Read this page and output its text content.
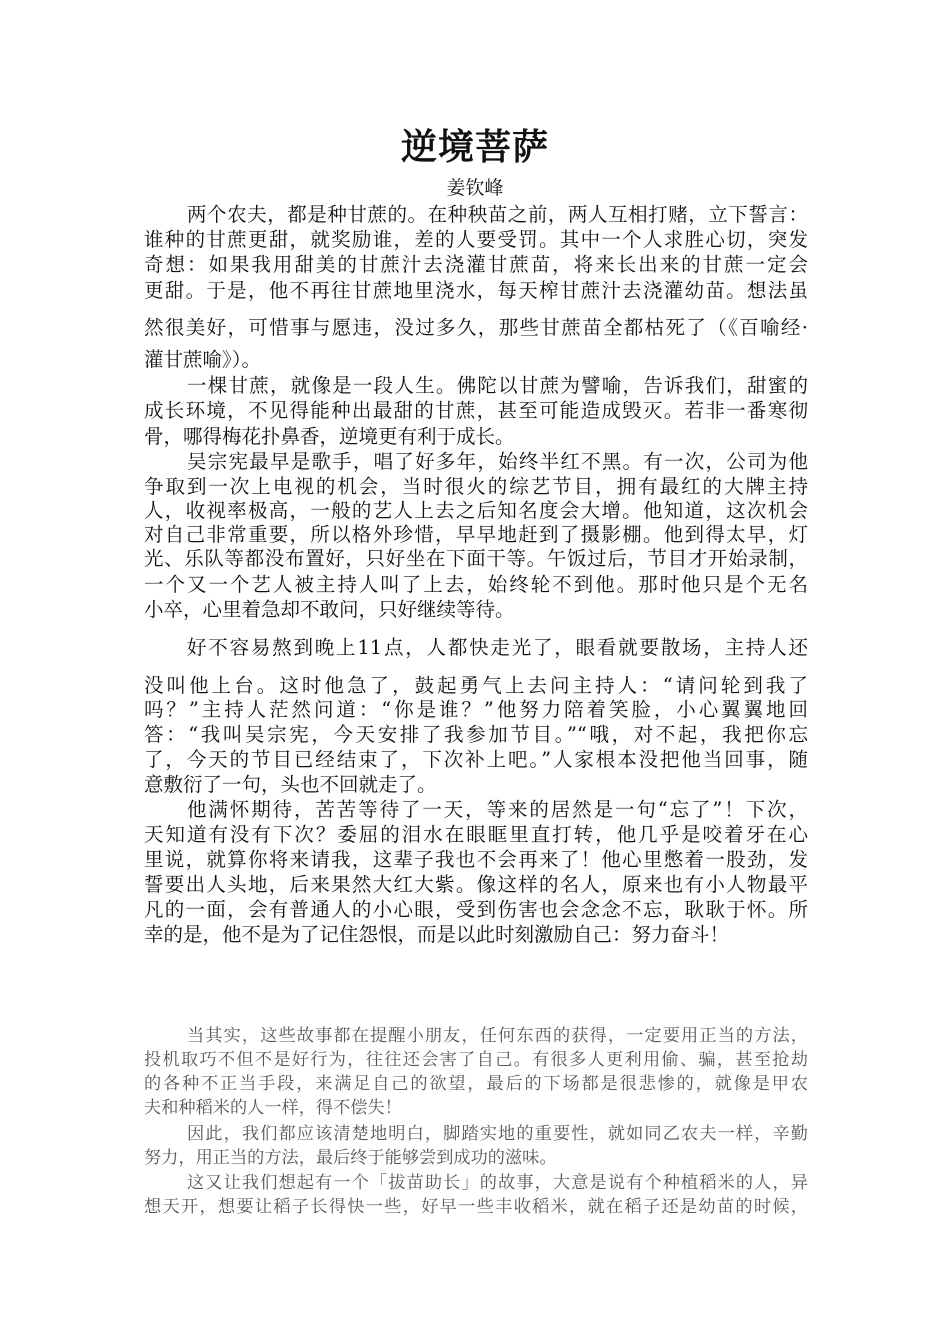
逆境菩萨
姜钦峰
两个农夫，都是种甘蔗的。在种秧苗之前，两人互相打赌，立下誓言：
谁种的甘蔗更甜，就奖励谁，差的人要受罚。其中一个人求胜心切，突发
奇想：如果我用甜美的甘蔗汁去浇灌甘蔗苗，将来长出来的甘蔗一定会
更甜。于是，他不再往甘蔗地里浇水，每天榨甘蔗汁去浇灌幼苗。想法虽
然很美好，可惜事与愿违，没过多久，那些甘蔗苗全都枯死了（《百喻经·
灌甘蔗喻》）。
一棵甘蔗，就像是一段人生。佛陀以甘蔗为譬喻，告诉我们，甜蜜的
成长环境，不见得能种出最甜的甘蔗，甚至可能造成毁灭。若非一番寒彻
骨，哪得梅花扑鼻香，逆境更有利于成长。
吴宗宪最早是歌手，唱了好多年，始终半红不黑。有一次，公司为他
争取到一次上电视的机会，当时很火的综艺节目，拥有最红的大牌主持
人，收视率极高，一般的艺人上去之后知名度会大增。他知道，这次机会
对自己非常重要，所以格外珍惜，早早地赶到了摄影棚。他到得太早，灯
光、乐队等都没布置好，只好坐在下面干等。午饭过后，节目才开始录制，
一个又一个艺人被主持人叫了上去，始终轮不到他。那时他只是个无名
小卒，心里着急却不敢问，只好继续等待。
好不容易熬到晚上11点，人都快走光了，眼看就要散场，主持人还
没叫他上台。这时他急了，鼓起勇气上去问主持人：“请问轮到我了
吗？”主持人茫然问道：“你是谁？”他努力陪着笑脸，小心翼翼地回
答：“我叫吴宗宪，今天安排了我参加节目。”“哦，对不起，我把你忘
了，今天的节目已经结束了，下次补上吧。”人家根本没把他当回事，随
意敷衍了一句，头也不回就走了。
他满怀期待，苦苦等待了一天，等来的居然是一句“忘了”！下次，
天知道有没有下次？委屈的泪水在眼眶里直打转，他几乎是咬着牙在心
里说，就算你将来请我，这辈子我也不会再来了！他心里憋着一股劲，发
誓要出人头地，后来果然大红大紫。像这样的名人，原来也有小人物最平
凡的一面，会有普通人的小心眼，受到伤害也会念念不忘，耿耿于怀。所
幸的是，他不是为了记住怨恨，而是以此时刻激励自己：努力奋斗！
当其实，这些故事都在提醒小朋友，任何东西的获得，一定要用正当的方法，
投机取巧不但不是好行为，往往还会害了自己。有很多人更利用偷、骗，甚至抢劫
的各种不正当手段，来满足自己的欲望，最后的下场都是很悲惨的，就像是甲农
夫和种稻米的人一样，得不偿失！
因此，我们都应该清楚地明白，脚踏实地的重要性，就如同乙农夫一样，辛勤
努力，用正当的方法，最后终于能够尝到成功的滋味。
这又让我们想起有一个「拔苗助长」的故事，大意是说有个种植稻米的人，异
想天开，想要让稻子长得快一些，好早一些丰收稻米，就在稻子还是幼苗的时候，
